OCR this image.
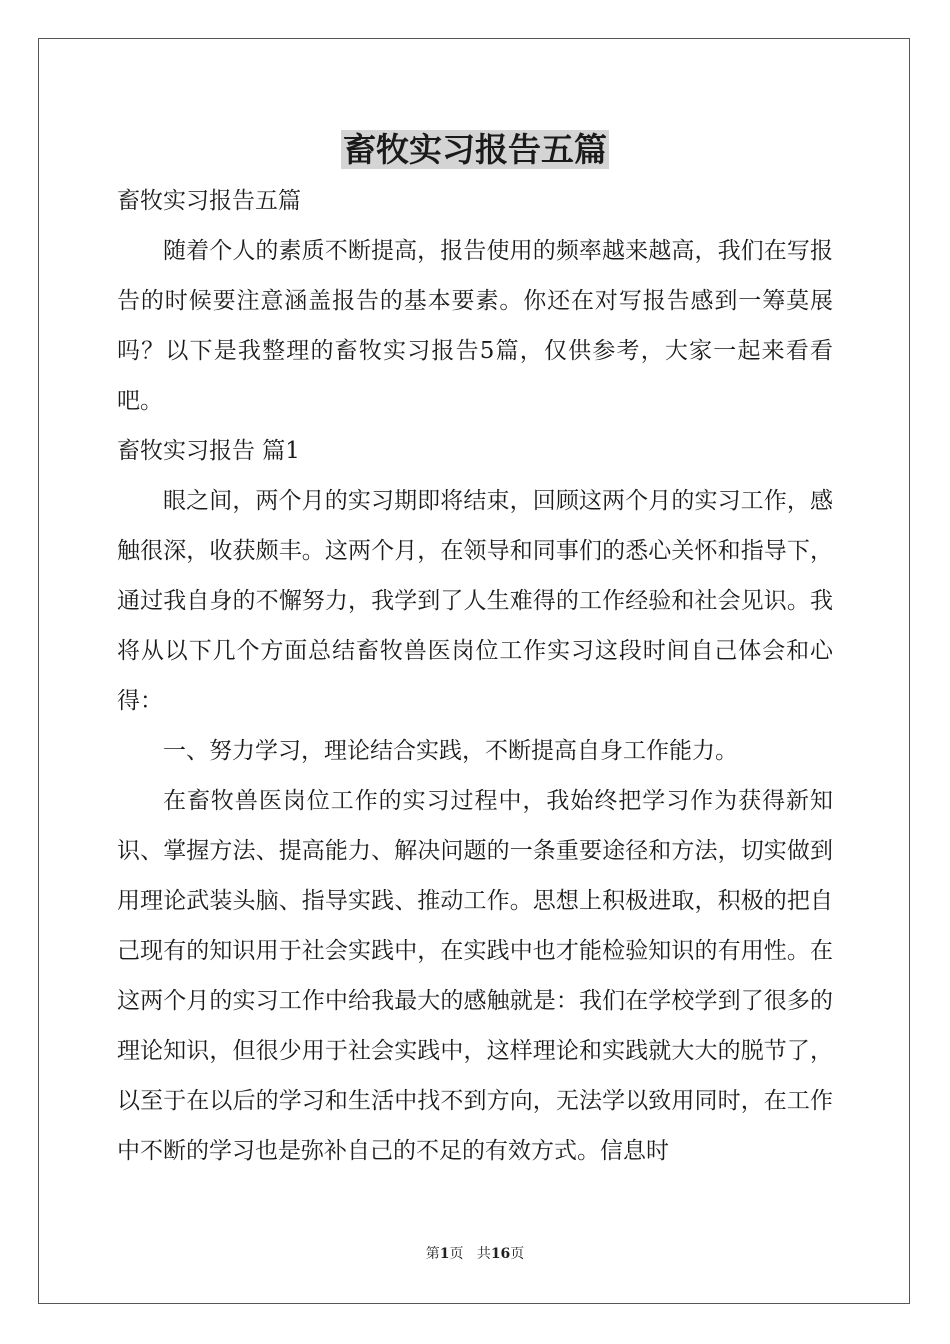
畜牧实习报告五篇
畜牧实习报告五篇

随着个人的素质不断提高，报告使用的频率越来越高，我们在写报告的时候要注意涵盖报告的基本要素。你还在对写报告感到一筹莫展吗？以下是我整理的畜牧实习报告5篇，仅供参考，大家一起来看看吧。

畜牧实习报告 篇1

眼之间，两个月的实习期即将结束，回顾这两个月的实习工作，感触很深，收获颇丰。这两个月，在领导和同事们的悉心关怀和指导下，通过我自身的不懈努力，我学到了人生难得的工作经验和社会见识。我将从以下几个方面总结畜牧兽医岗位工作实习这段时间自己体会和心得：

一、努力学习，理论结合实践，不断提高自身工作能力。

在畜牧兽医岗位工作的实习过程中，我始终把学习作为获得新知识、掌握方法、提高能力、解决问题的一条重要途径和方法，切实做到用理论武装头脑、指导实践、推动工作。思想上积极进取，积极的把自己现有的知识用于社会实践中，在实践中也才能检验知识的有用性。在这两个月的实习工作中给我最大的感触就是：我们在学校学到了很多的理论知识，但很少用于社会实践中，这样理论和实践就大大的脱节了，以至于在以后的学习和生活中找不到方向，无法学以致用同时，在工作中不断的学习也是弥补自己的不足的有效方式。信息时

第1页 共16页
